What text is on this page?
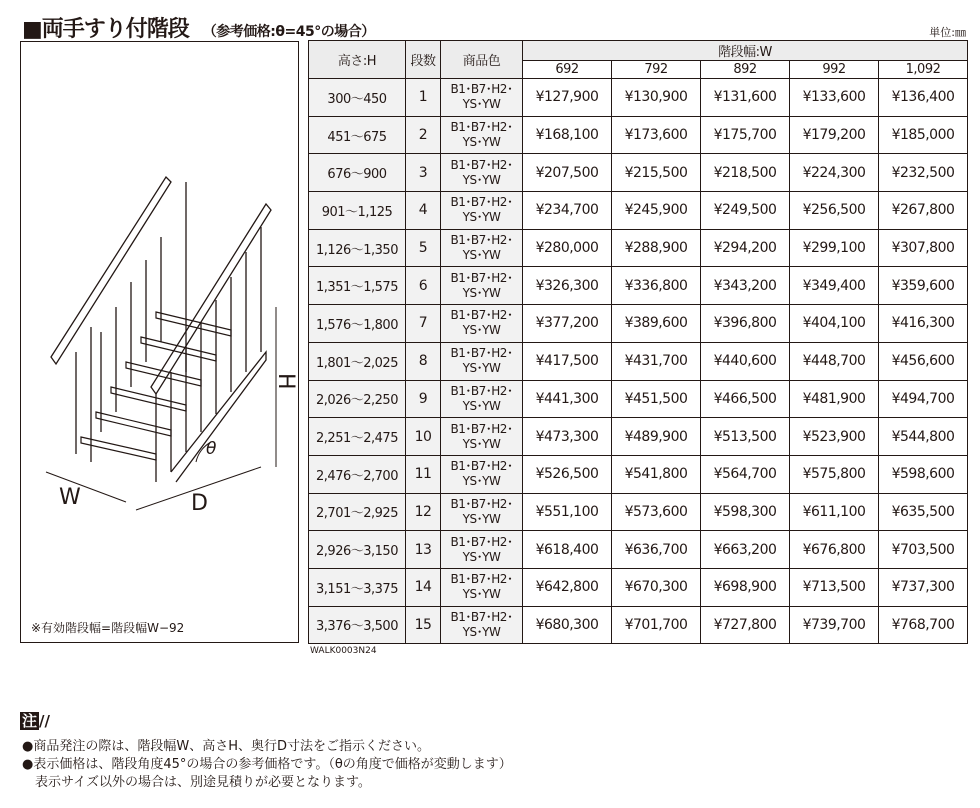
■両手すり付階段 （参考価格:θ=45°の場合）	単位:㎜
W	D
H
θ
※有効階段幅=階段幅W−92
高さ:H	段数	商品色	階段幅:W				
			692	792	892	992	1,092
300〜450	1	B1･B7･H2･
YS･YW	¥127,900	¥130,900	¥131,600	¥133,600	¥136,400
451〜675	2	B1･B7･H2･
YS･YW	¥168,100	¥173,600	¥175,700	¥179,200	¥185,000
676〜900	3	B1･B7･H2･
YS･YW	¥207,500	¥215,500	¥218,500	¥224,300	¥232,500
901〜1,125	4	B1･B7･H2･
YS･YW	¥234,700	¥245,900	¥249,500	¥256,500	¥267,800
1,126〜1,350	5	B1･B7･H2･
YS･YW	¥280,000	¥288,900	¥294,200	¥299,100	¥307,800
1,351〜1,575	6	B1･B7･H2･
YS･YW	¥326,300	¥336,800	¥343,200	¥349,400	¥359,600
1,576〜1,800	7	B1･B7･H2･
YS･YW	¥377,200	¥389,600	¥396,800	¥404,100	¥416,300
1,801〜2,025	8	B1･B7･H2･
YS･YW	¥417,500	¥431,700	¥440,600	¥448,700	¥456,600
2,026〜2,250	9	B1･B7･H2･
YS･YW	¥441,300	¥451,500	¥466,500	¥481,900	¥494,700
2,251〜2,475	10	B1･B7･H2･
YS･YW	¥473,300	¥489,900	¥513,500	¥523,900	¥544,800
2,476〜2,700	11	B1･B7･H2･
YS･YW	¥526,500	¥541,800	¥564,700	¥575,800	¥598,600
2,701〜2,925	12	B1･B7･H2･
YS･YW	¥551,100	¥573,600	¥598,300	¥611,100	¥635,500
2,926〜3,150	13	B1･B7･H2･
YS･YW	¥618,400	¥636,700	¥663,200	¥676,800	¥703,500
3,151〜3,375	14	B1･B7･H2･
YS･YW	¥642,800	¥670,300	¥698,900	¥713,500	¥737,300
3,376〜3,500	15	B1･B7･H2･
YS･YW	¥680,300	¥701,700	¥727,800	¥739,700	¥768,700
WALK0003N24
注 //
●商品発注の際は、階段幅W、高さH、奥行D寸法をご指示ください。
●表示価格は、階段角度45°の場合の参考価格です。（θの角度で価格が変動します）
　表示サイズ以外の場合は、別途見積りが必要となります。
